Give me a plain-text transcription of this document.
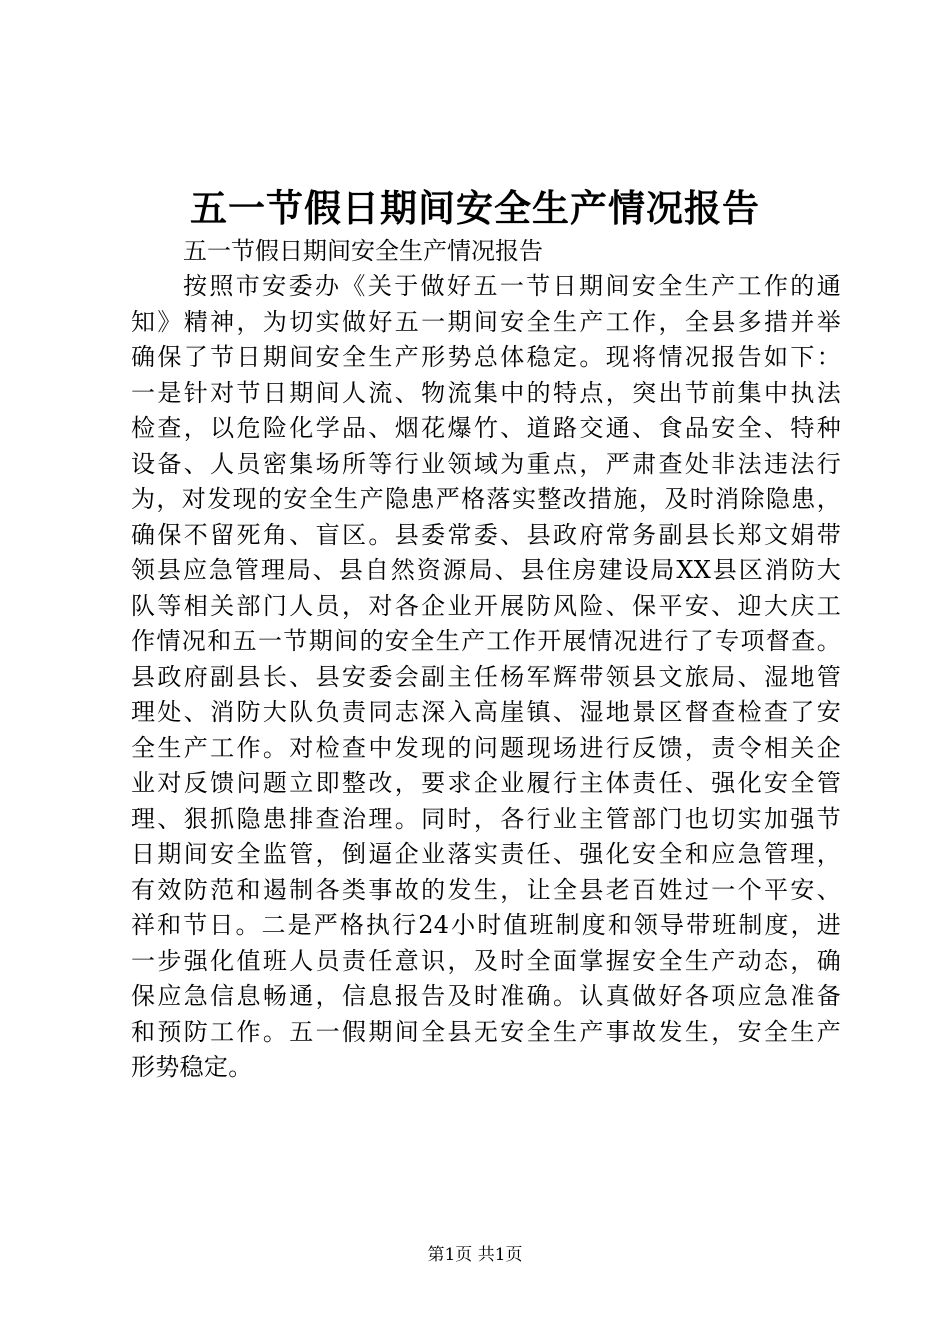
五一节假日期间安全生产情况报告

五一节假日期间安全生产情况报告

按照市安委办《关于做好五一节日期间安全生产工作的通
知》精神，为切实做好五一期间安全生产工作，全县多措并举
确保了节日期间安全生产形势总体稳定。现将情况报告如下：
一是针对节日期间人流、物流集中的特点，突出节前集中执法
检查，以危险化学品、烟花爆竹、道路交通、食品安全、特种
设备、人员密集场所等行业领域为重点，严肃查处非法违法行
为，对发现的安全生产隐患严格落实整改措施，及时消除隐患，
确保不留死角、盲区。县委常委、县政府常务副县长郑文娟带
领县应急管理局、县自然资源局、县住房建设局XX县区消防大
队等相关部门人员，对各企业开展防风险、保平安、迎大庆工
作情况和五一节期间的安全生产工作开展情况进行了专项督查。
县政府副县长、县安委会副主任杨军辉带领县文旅局、湿地管
理处、消防大队负责同志深入高崖镇、湿地景区督查检查了安
全生产工作。对检查中发现的问题现场进行反馈，责令相关企
业对反馈问题立即整改，要求企业履行主体责任、强化安全管
理、狠抓隐患排查治理。同时，各行业主管部门也切实加强节
日期间安全监管，倒逼企业落实责任、强化安全和应急管理，
有效防范和遏制各类事故的发生，让全县老百姓过一个平安、
祥和节日。二是严格执行24小时值班制度和领导带班制度，进
一步强化值班人员责任意识，及时全面掌握安全生产动态，确
保应急信息畅通，信息报告及时准确。认真做好各项应急准备
和预防工作。五一假期间全县无安全生产事故发生，安全生产
形势稳定。
第1页 共1页
